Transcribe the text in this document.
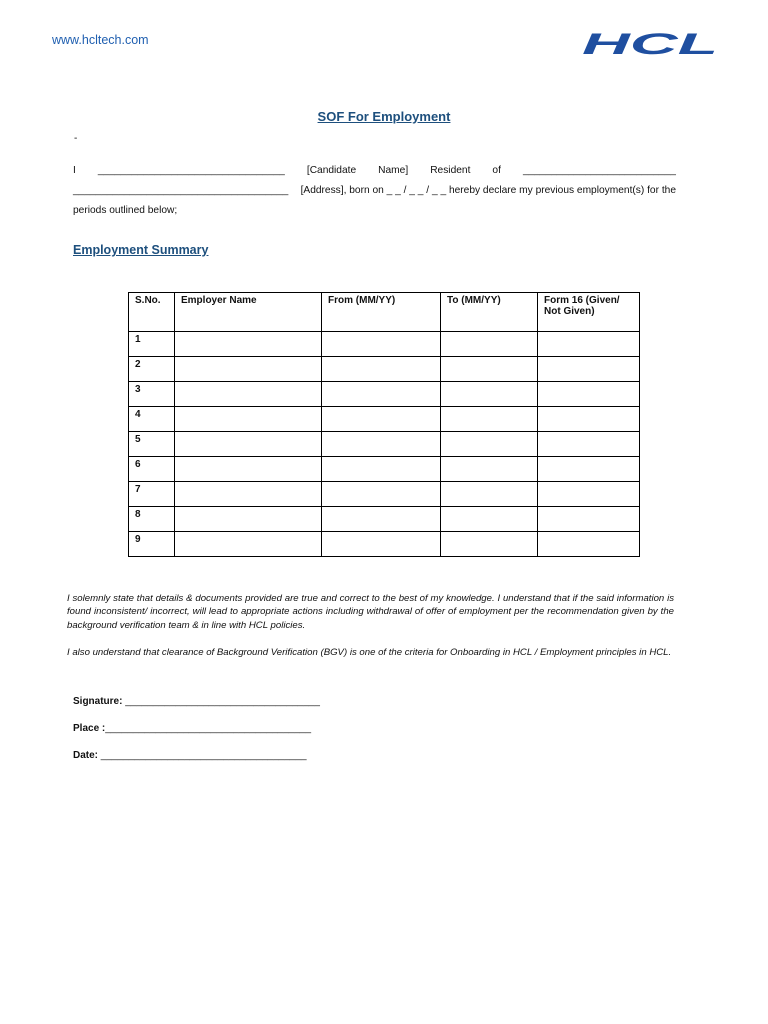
www.hcltech.com	HCL
SOF For Employment
-
I _________________________________ [Candidate Name] Resident of ___________________________
______________________________________ [Address], born on _ _ / _ _ / _ _ hereby declare my previous employment(s) for the
periods outlined below;
Employment Summary
S.No.	Employer Name	From (MM/YY)	To (MM/YY)	Form 16 (Given/ Not Given)
1				
2				
3				
4				
5				
6				
7				
8				
9				
I solemnly state that details & documents provided are true and correct to the best of my knowledge. I understand that if the said information is found inconsistent/ incorrect, will lead to appropriate actions including withdrawal of offer of employment per the recommendation given by the background verification team & in line with HCL policies.
I also understand that clearance of Background Verification (BGV) is one of the criteria for Onboarding in HCL / Employment principles in HCL.
Signature: ___________________________________
Place :_____________________________________
Date: _____________________________________
